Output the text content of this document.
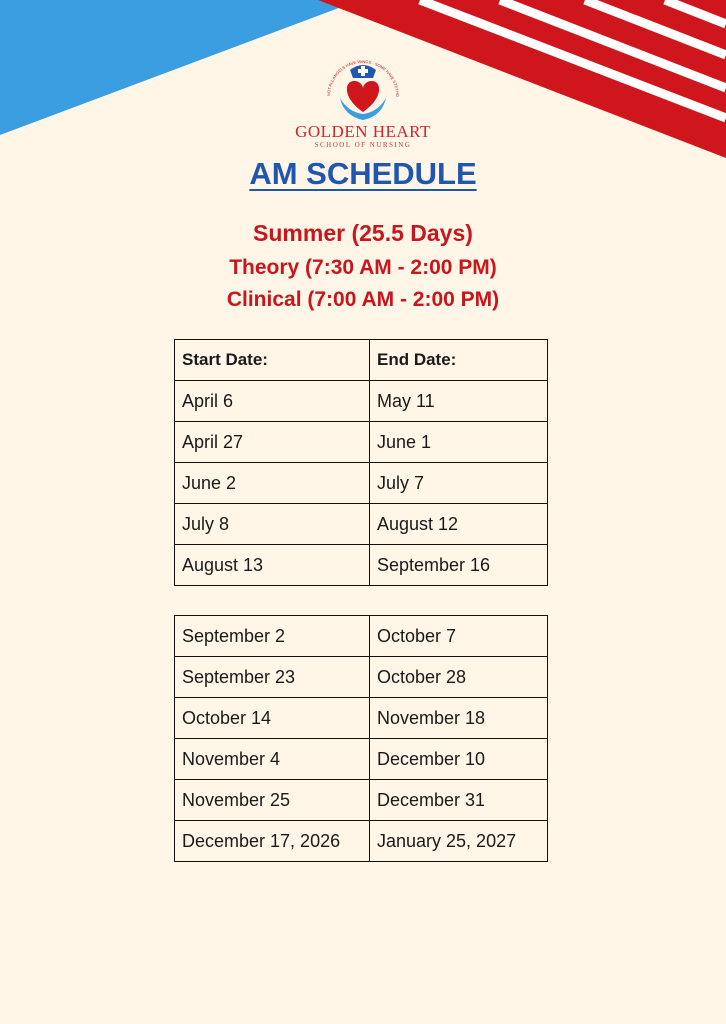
NOT ALL ANGELS HAVE WINGS · SOME HAVE STETHO
GOLDEN HEART
SCHOOL OF NURSING
AM SCHEDULE
Summer (25.5 Days)
Theory (7:30 AM - 2:00 PM)
Clinical (7:00 AM - 2:00 PM)
Start Date:	End Date:
April 6	May 11
April 27	June 1
June 2	July 7
July 8	August 12
August 13	September 16
September 2	October 7
September 23	October 28
October 14	November 18
November 4	December 10
November 25	December 31
December 17, 2026	January 25, 2027
